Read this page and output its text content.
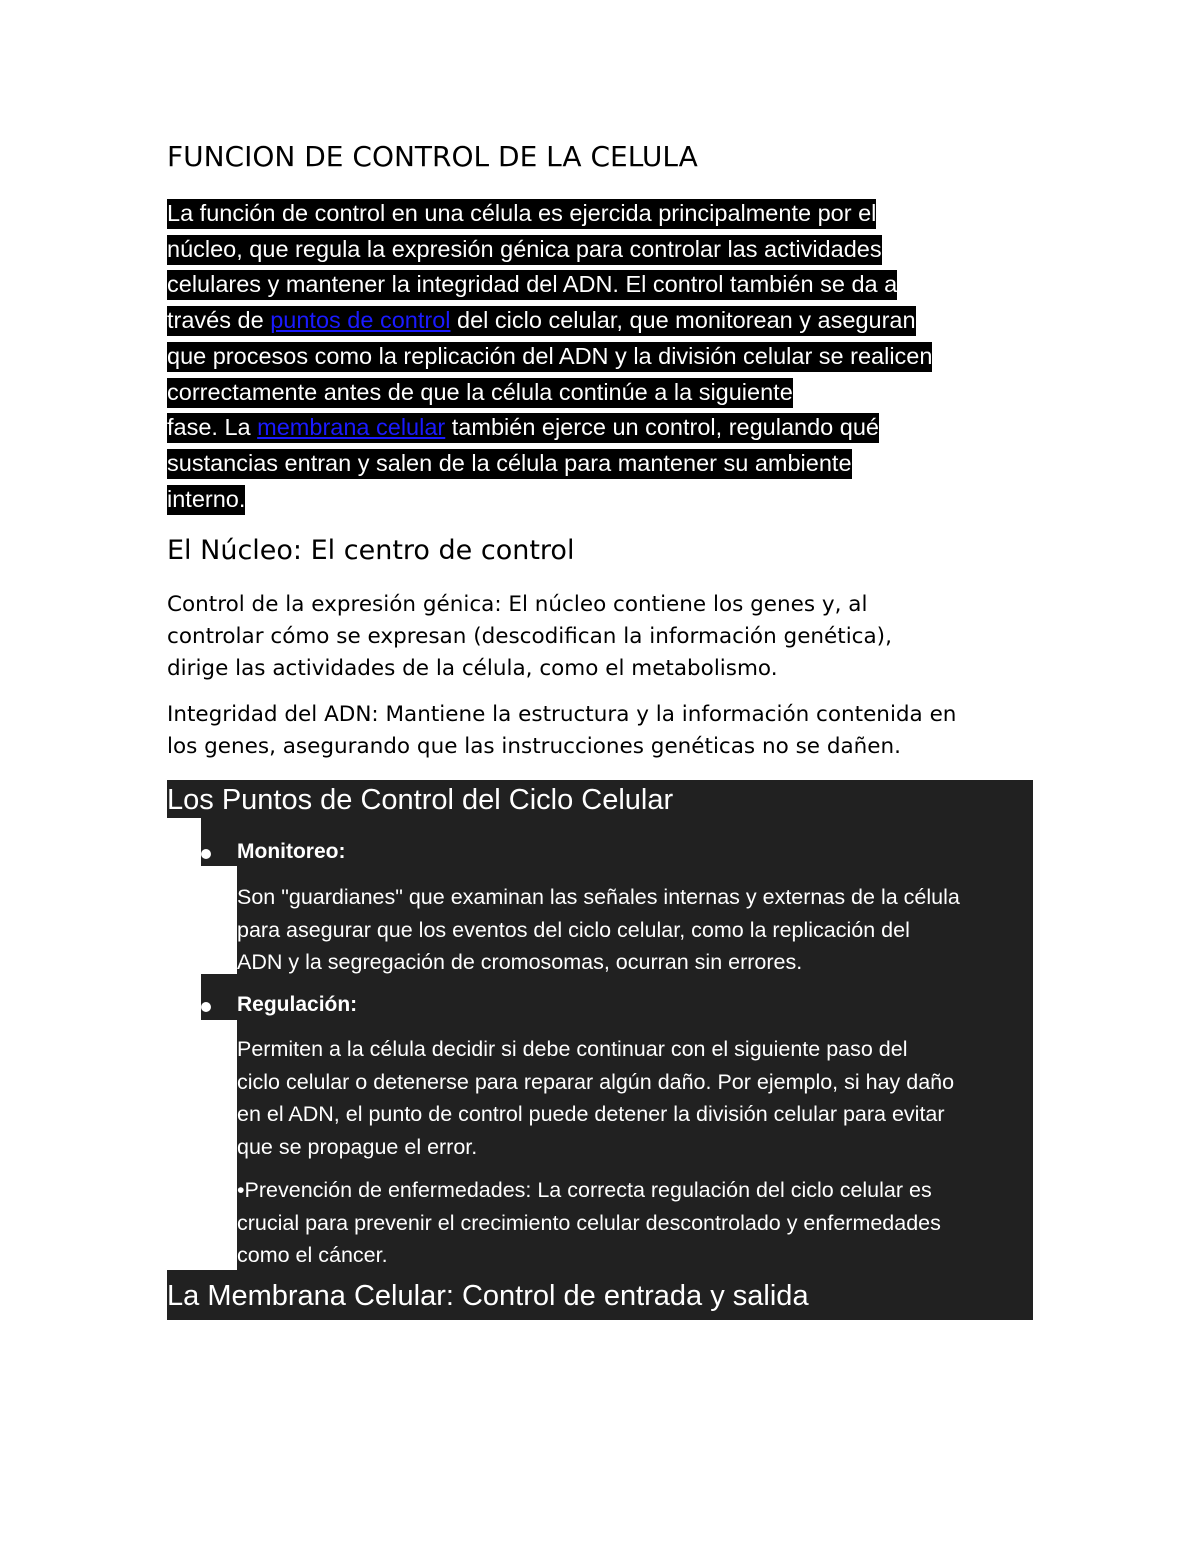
FUNCION DE CONTROL DE LA CELULA
La función de control en una célula es ejercida principalmente por el
núcleo, que regula la expresión génica para controlar las actividades
celulares y mantener la integridad del ADN. El control también se da a
través de puntos de control del ciclo celular, que monitorean y aseguran
que procesos como la replicación del ADN y la división celular se realicen
correctamente antes de que la célula continúe a la siguiente
fase. La membrana celular también ejerce un control, regulando qué
sustancias entran y salen de la célula para mantener su ambiente
interno.
El Núcleo: El centro de control

Control de la expresión génica: El núcleo contiene los genes y, al
controlar cómo se expresan (descodifican la información genética),
dirige las actividades de la célula, como el metabolismo.

Integridad del ADN: Mantiene la estructura y la información contenida en
los genes, asegurando que las instrucciones genéticas no se dañen.

Los Puntos de Control del Ciclo Celular
Monitoreo:
Son "guardianes" que examinan las señales internas y externas de la célula
para asegurar que los eventos del ciclo celular, como la replicación del
ADN y la segregación de cromosomas, ocurran sin errores.
Regulación:
Permiten a la célula decidir si debe continuar con el siguiente paso del
ciclo celular o detenerse para reparar algún daño. Por ejemplo, si hay daño
en el ADN, el punto de control puede detener la división celular para evitar
que se propague el error.
•Prevención de enfermedades: La correcta regulación del ciclo celular es
crucial para prevenir el crecimiento celular descontrolado y enfermedades
como el cáncer.
La Membrana Celular: Control de entrada y salida
